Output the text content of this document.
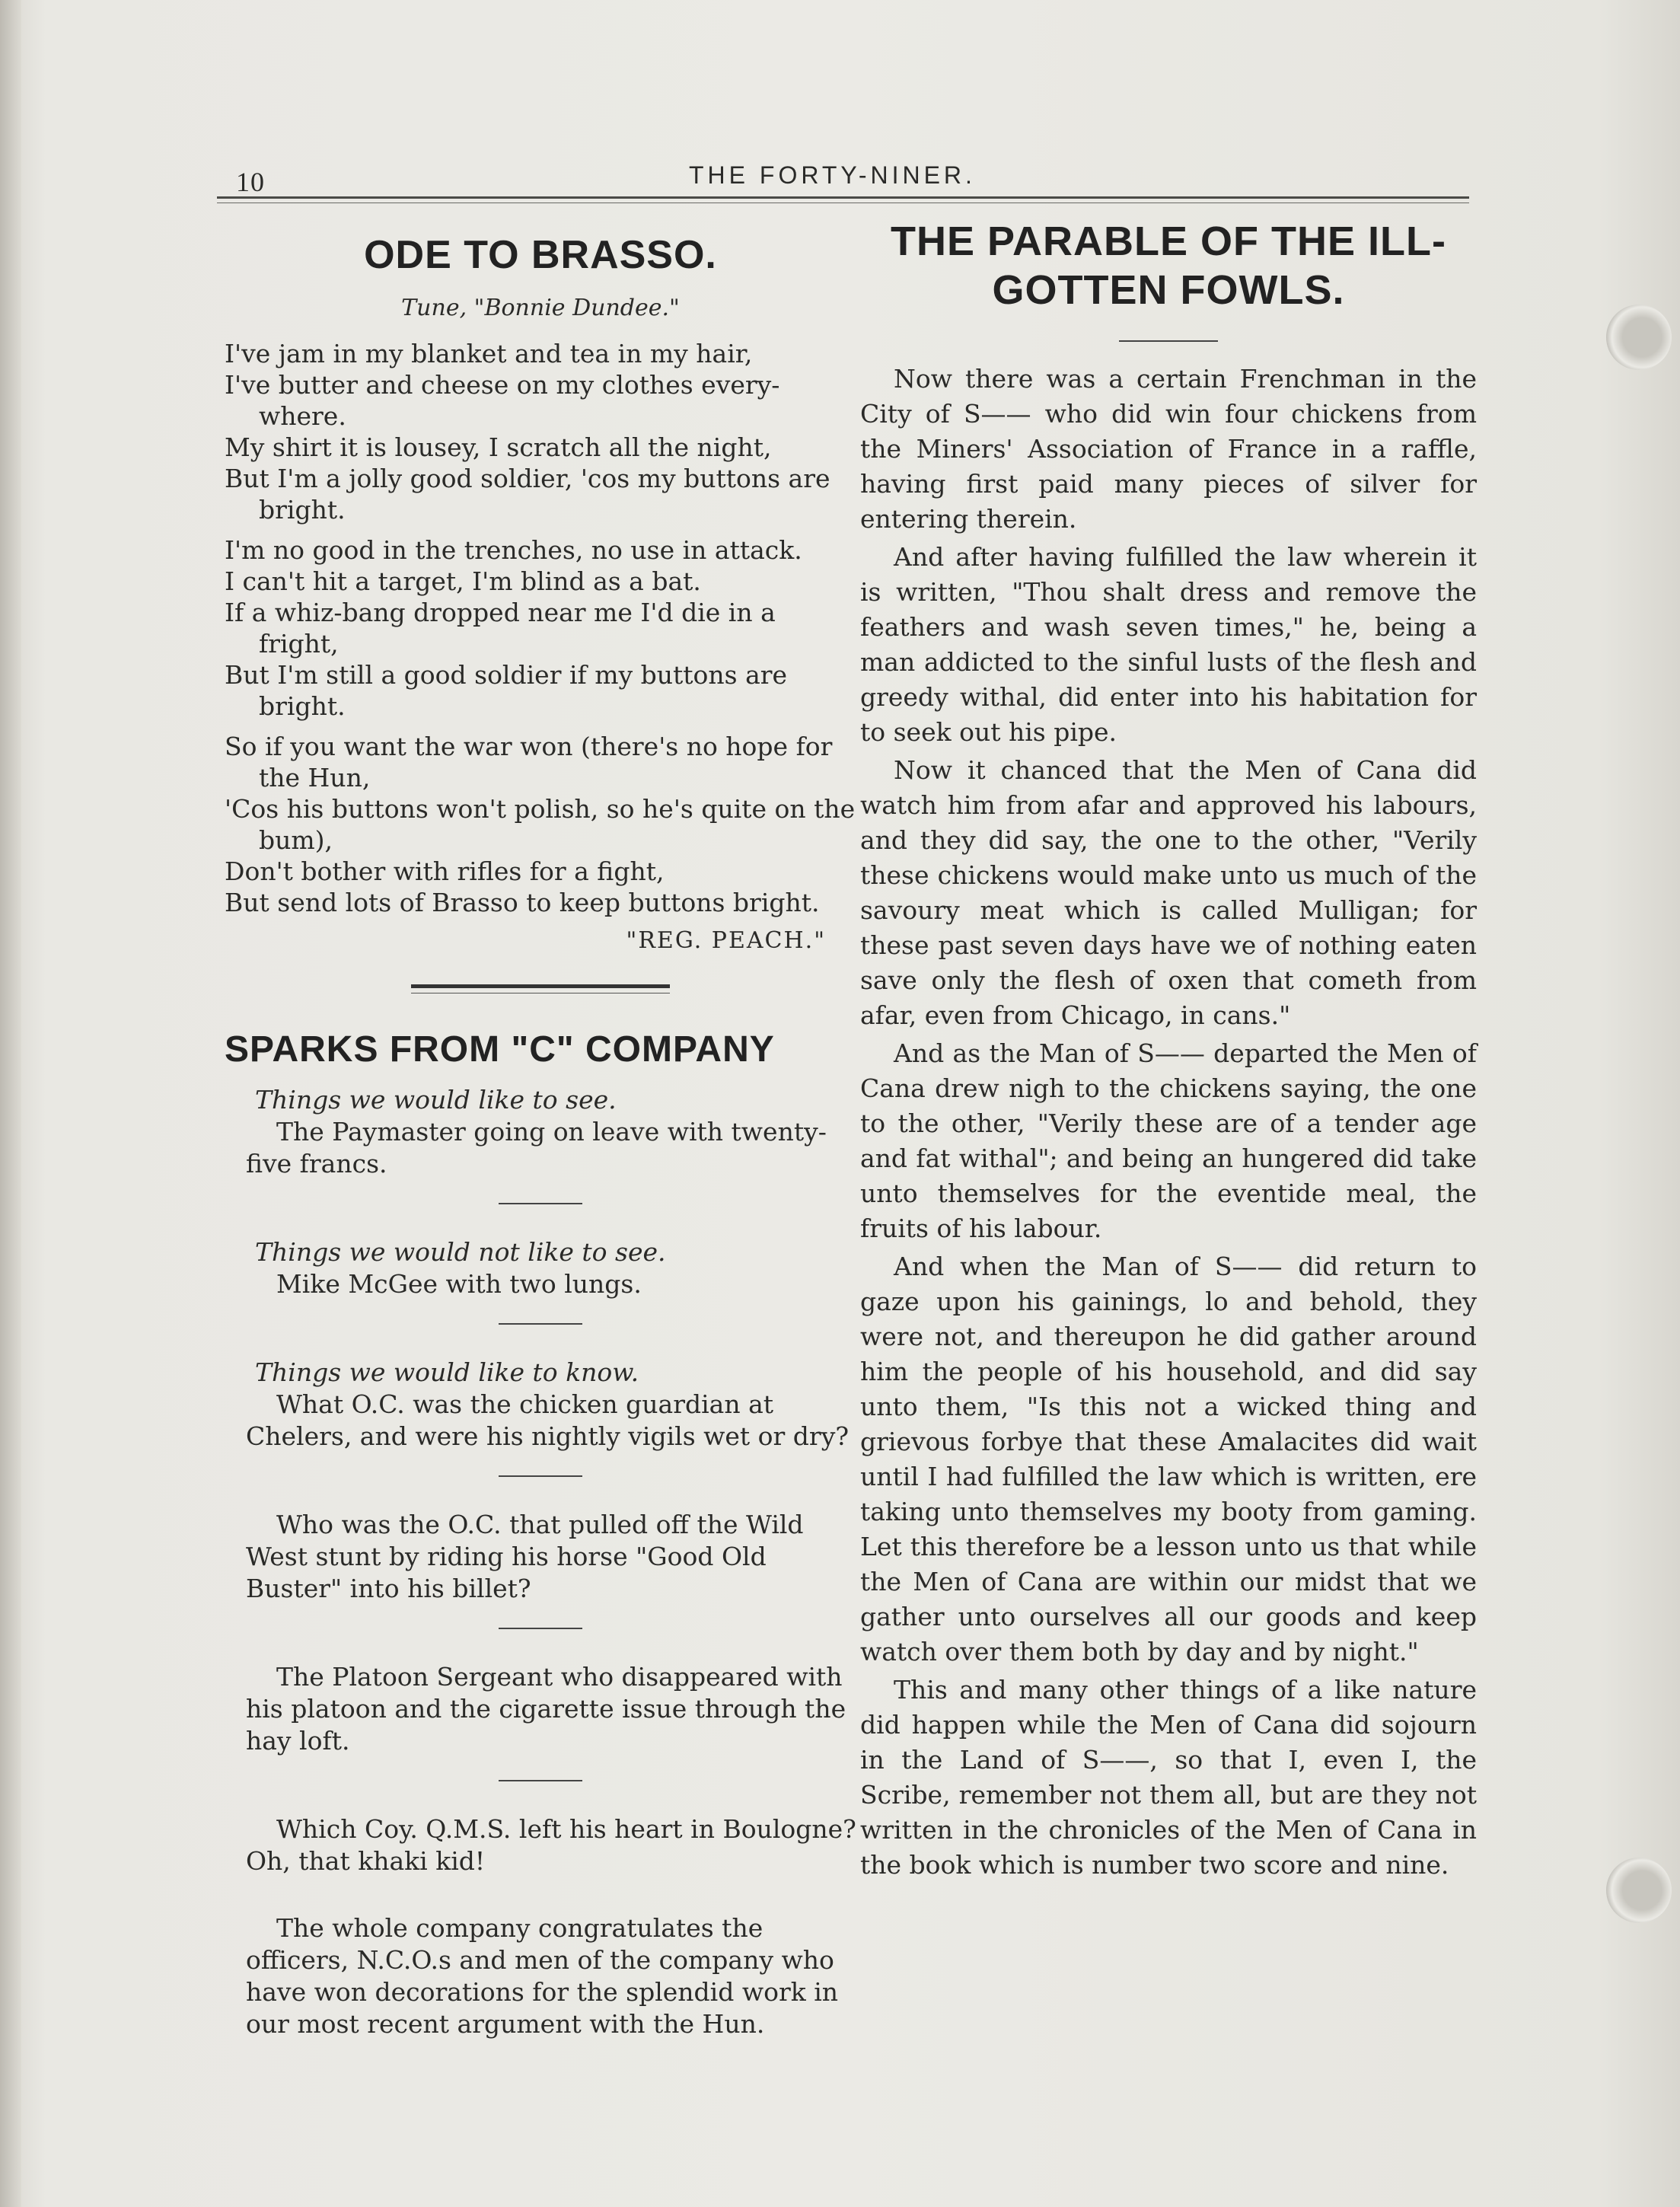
10	THE FORTY-NINER.
ODE TO BRASSO.
Tune, "Bonnie Dundee."

I've jam in my blanket and tea in my hair,

I've butter and cheese on my clothes every-where.

My shirt it is lousey, I scratch all the night,

But I'm a jolly good soldier, 'cos my buttons are bright.

I'm no good in the trenches, no use in attack.

I can't hit a target, I'm blind as a bat.

If a whiz-bang dropped near me I'd die in a fright,

But I'm still a good soldier if my buttons are bright.

So if you want the war won (there's no hope for the Hun,

'Cos his buttons won't polish, so he's quite on the bum),

Don't bother with rifles for a fight,

But send lots of Brasso to keep buttons bright.

"REG. PEACH."
SPARKS FROM "C" COMPANY

Things we would like to see.

The Paymaster going on leave with twenty-five francs.

Things we would not like to see.

Mike McGee with two lungs.

Things we would like to know.

What O.C. was the chicken guardian at Chelers, and were his nightly vigils wet or dry?

Who was the O.C. that pulled off the Wild West stunt by riding his horse "Good Old Buster" into his billet?

The Platoon Sergeant who disappeared with his platoon and the cigarette issue through the hay loft.

Which Coy. Q.M.S. left his heart in Boulogne? Oh, that khaki kid!

The whole company congratulates the officers, N.C.O.s and men of the company who have won decorations for the splendid work in our most recent argument with the Hun.

THE PARABLE OF THE ILL-
GOTTEN FOWLS.

Now there was a certain Frenchman in the City of S—— who did win four chickens from the Miners' Association of France in a raffle, having first paid many pieces of silver for entering therein.

And after having fulfilled the law wherein it is written, "Thou shalt dress and remove the feathers and wash seven times," he, being a man addicted to the sinful lusts of the flesh and greedy withal, did enter into his habitation for to seek out his pipe.

Now it chanced that the Men of Cana did watch him from afar and approved his labours, and they did say, the one to the other, "Verily these chickens would make unto us much of the savoury meat which is called Mulligan; for these past seven days have we of nothing eaten save only the flesh of oxen that cometh from afar, even from Chicago, in cans."

And as the Man of S—— departed the Men of Cana drew nigh to the chickens saying, the one to the other, "Verily these are of a tender age and fat withal"; and being an hungered did take unto themselves for the eventide meal, the fruits of his labour.

And when the Man of S—— did return to gaze upon his gainings, lo and behold, they were not, and thereupon he did gather around him the people of his household, and did say unto them, "Is this not a wicked thing and grievous forbye that these Amalacites did wait until I had fulfilled the law which is written, ere taking unto themselves my booty from gaming. Let this therefore be a lesson unto us that while the Men of Cana are within our midst that we gather unto ourselves all our goods and keep watch over them both by day and by night."

This and many other things of a like nature did happen while the Men of Cana did sojourn in the Land of S——, so that I, even I, the Scribe, remember not them all, but are they not written in the chronicles of the Men of Cana in the book which is number two score and nine.
